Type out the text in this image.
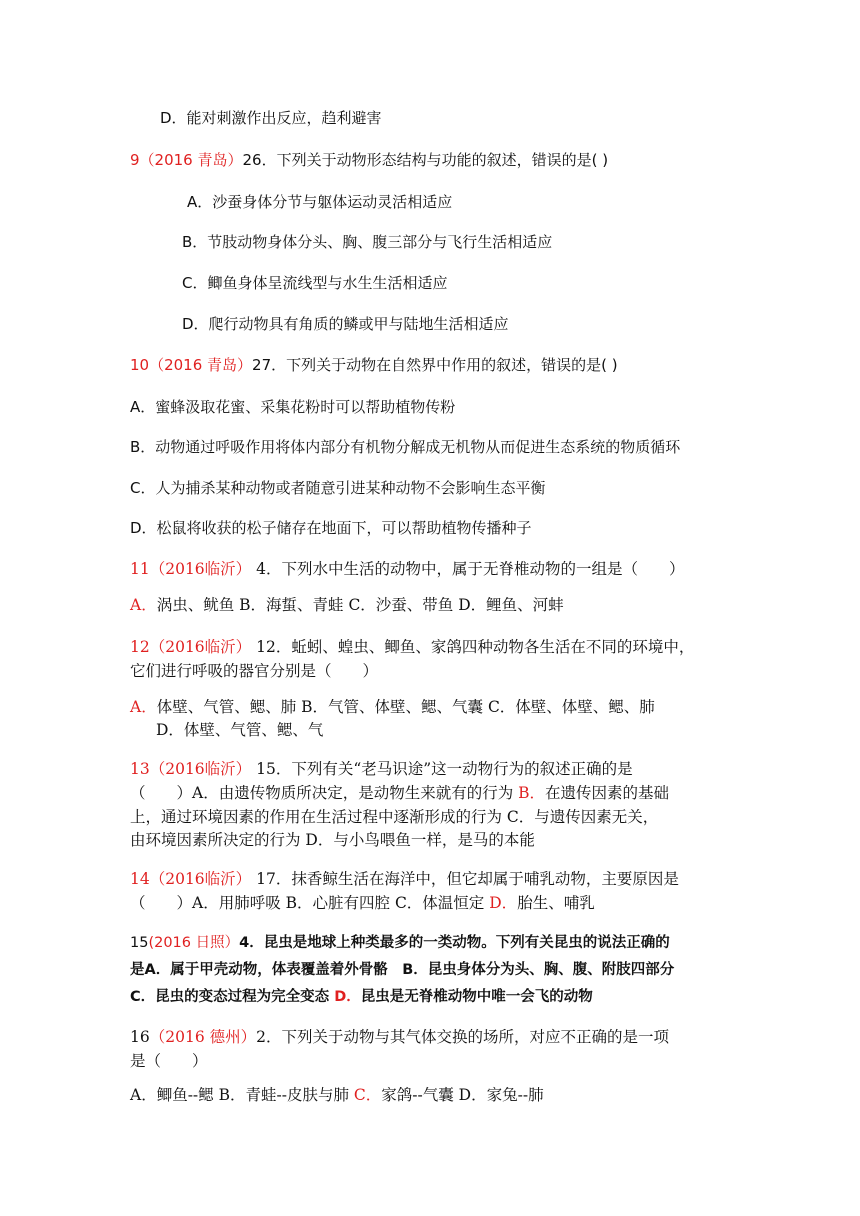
D．能对刺激作出反应，趋利避害
9（2016 青岛）26．下列关于动物形态结构与功能的叙述，错误的是( )
A．沙蚕身体分节与躯体运动灵活相适应
B．节肢动物身体分头、胸、腹三部分与飞行生活相适应
C．鲫鱼身体呈流线型与水生生活相适应
D．爬行动物具有角质的鳞或甲与陆地生活相适应
10（2016 青岛）27．下列关于动物在自然界中作用的叙述，错误的是( )
A．蜜蜂汲取花蜜、采集花粉时可以帮助植物传粉
B．动物通过呼吸作用将体内部分有机物分解成无机物从而促进生态系统的物质循环
C．人为捕杀某种动物或者随意引进某种动物不会影响生态平衡
D．松鼠将收获的松子储存在地面下，可以帮助植物传播种子
11（2016临沂） 4．下列水中生活的动物中，属于无脊椎动物的一组是（　　）
A．涡虫、鱿鱼 B．海蜇、青蛙 C．沙蚕、带鱼 D．鲤鱼、河蚌
12（2016临沂） 12．蚯蚓、蝗虫、鲫鱼、家鸽四种动物各生活在不同的环境中，
它们进行呼吸的器官分别是（　　）
A．体壁、气管、鳃、肺 B．气管、体壁、鳃、气囊 C．体壁、体壁、鳃、肺
D．体壁、气管、鳃、气
13（2016临沂） 15．下列有关“老马识途”这一动物行为的叙述正确的是
（　　）A．由遗传物质所决定，是动物生来就有的行为 B．在遗传因素的基础
上，通过环境因素的作用在生活过程中逐渐形成的行为 C．与遗传因素无关，
由环境因素所决定的行为 D．与小鸟喂鱼一样，是马的本能
14（2016临沂） 17．抹香鲸生活在海洋中，但它却属于哺乳动物，主要原因是
（　　）A．用肺呼吸 B．心脏有四腔 C．体温恒定 D．胎生、哺乳
15(2016 日照）4．昆虫是地球上种类最多的一类动物。下列有关昆虫的说法正确的
是A．属于甲壳动物，体表覆盖着外骨骼　B．昆虫身体分为头、胸、腹、附肢四部分
C．昆虫的变态过程为完全变态 D．昆虫是无脊椎动物中唯一会飞的动物
16（2016 德州）2．下列关于动物与其气体交换的场所，对应不正确的是一项
是（　　）
A．鲫鱼--鳃 B．青蛙--皮肤与肺 C．家鸽--气囊 D．家兔--肺
